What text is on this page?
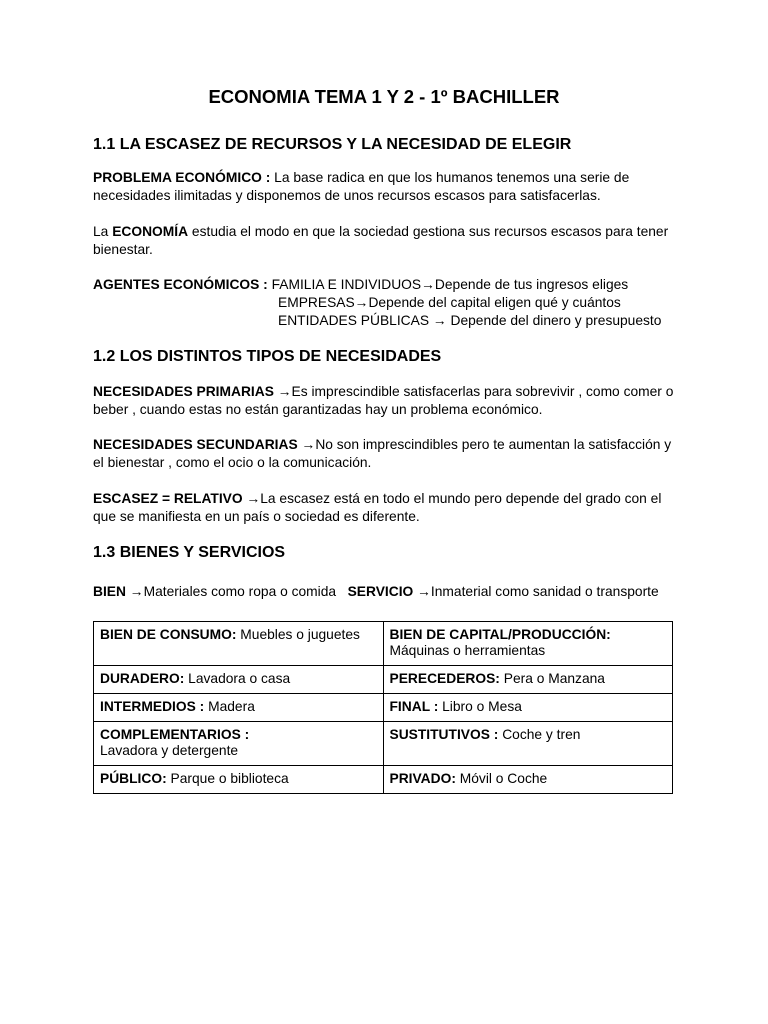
ECONOMIA TEMA 1 Y 2 - 1º BACHILLER
1.1 LA ESCASEZ DE RECURSOS Y LA NECESIDAD DE ELEGIR
PROBLEMA ECONÓMICO : La base radica en que los humanos tenemos una serie de necesidades ilimitadas y disponemos de unos recursos escasos para satisfacerlas.
La ECONOMÍA estudia el modo en que la sociedad gestiona sus recursos escasos para tener bienestar.
AGENTES ECONÓMICOS : FAMILIA E INDIVIDUOS→Depende de tus ingresos eliges
EMPRESAS→Depende del capital eligen qué y cuántos
ENTIDADES PÚBLICAS → Depende del dinero y presupuesto
1.2 LOS DISTINTOS TIPOS DE NECESIDADES
NECESIDADES PRIMARIAS →Es imprescindible satisfacerlas para sobrevivir , como comer o beber , cuando estas no están garantizadas hay un problema económico.
NECESIDADES SECUNDARIAS →No son imprescindibles pero te aumentan la satisfacción y el bienestar , como el ocio o la comunicación.
ESCASEZ = RELATIVO →La escasez está en todo el mundo pero depende del grado con el que se manifiesta en un país o sociedad es diferente.
1.3 BIENES Y SERVICIOS
BIEN →Materiales como ropa o comida   SERVICIO →Inmaterial como sanidad o transporte
BIEN DE CONSUMO: Muebles o juguetes	BIEN DE CAPITAL/PRODUCCIÓN:
Máquinas o herramientas
DURADERO: Lavadora o casa	PERECEDEROS: Pera o Manzana
INTERMEDIOS : Madera	FINAL : Libro o Mesa
COMPLEMENTARIOS :
Lavadora y detergente	SUSTITUTIVOS : Coche y tren
PÚBLICO: Parque o biblioteca	PRIVADO: Móvil o Coche
